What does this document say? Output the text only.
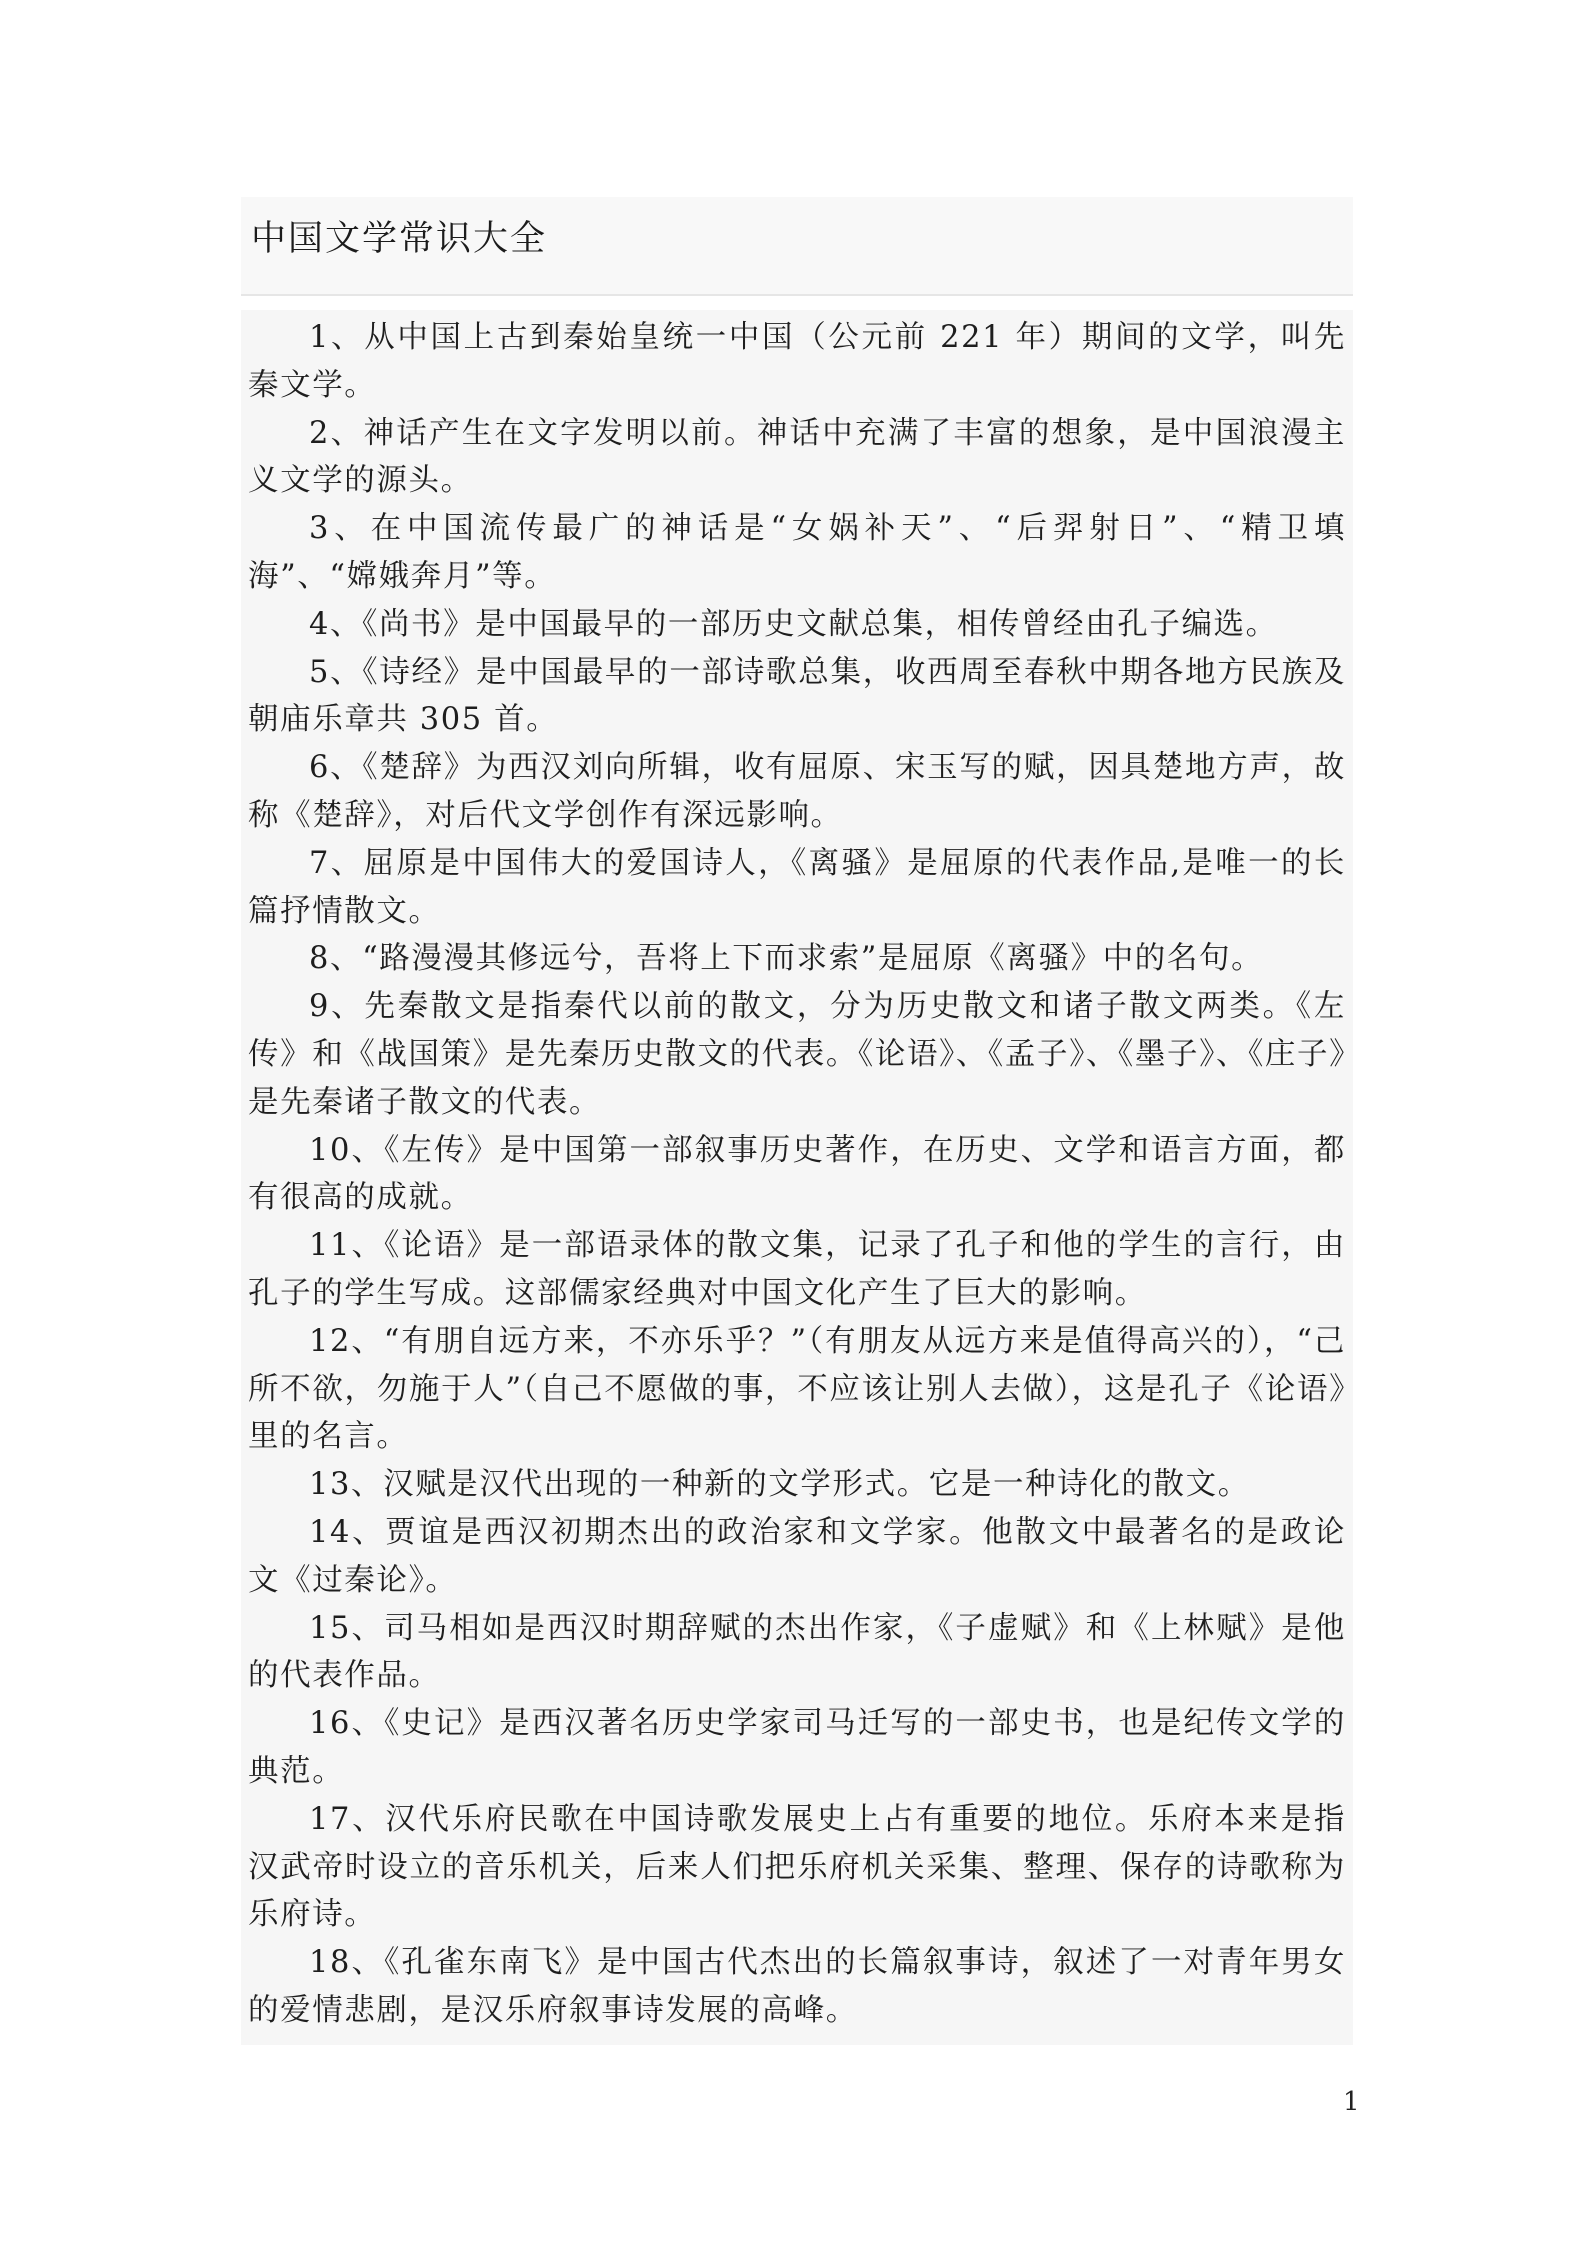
中国文学常识大全

1、从中国上古到秦始皇统一中国（公元前 221 年）期间的文学，叫先秦文学。

2、神话产生在文字发明以前。神话中充满了丰富的想象，是中国浪漫主义文学的源头。

3、在中国流传最广的神话是“女娲补天”、“后羿射日”、“精卫填海”、“嫦娥奔月”等。

4、《尚书》是中国最早的一部历史文献总集，相传曾经由孔子编选。

5、《诗经》是中国最早的一部诗歌总集，收西周至春秋中期各地方民族及朝庙乐章共 305 首。

6、《楚辞》为西汉刘向所辑，收有屈原、宋玉写的赋，因具楚地方声，故称《楚辞》，对后代文学创作有深远影响。

7、屈原是中国伟大的爱国诗人，《离骚》是屈原的代表作品,是唯一的长篇抒情散文。

8、“路漫漫其修远兮，吾将上下而求索”是屈原《离骚》中的名句。

9、先秦散文是指秦代以前的散文，分为历史散文和诸子散文两类。《左传》和《战国策》是先秦历史散文的代表。《论语》、《孟子》、《墨子》、《庄子》是先秦诸子散文的代表。

10、《左传》是中国第一部叙事历史著作，在历史、文学和语言方面，都有很高的成就。

11、《论语》是一部语录体的散文集，记录了孔子和他的学生的言行，由孔子的学生写成。这部儒家经典对中国文化产生了巨大的影响。

12、“有朋自远方来，不亦乐乎？”（有朋友从远方来是值得高兴的），“己所不欲，勿施于人”（自己不愿做的事，不应该让别人去做），这是孔子《论语》里的名言。

13、汉赋是汉代出现的一种新的文学形式。它是一种诗化的散文。

14、贾谊是西汉初期杰出的政治家和文学家。他散文中最著名的是政论文《过秦论》。

15、司马相如是西汉时期辞赋的杰出作家，《子虚赋》和《上林赋》是他的代表作品。

16、《史记》是西汉著名历史学家司马迁写的一部史书，也是纪传文学的典范。

17、汉代乐府民歌在中国诗歌发展史上占有重要的地位。乐府本来是指汉武帝时设立的音乐机关，后来人们把乐府机关采集、整理、保存的诗歌称为乐府诗。

18、《孔雀东南飞》是中国古代杰出的长篇叙事诗，叙述了一对青年男女的爱情悲剧，是汉乐府叙事诗发展的高峰。

1
